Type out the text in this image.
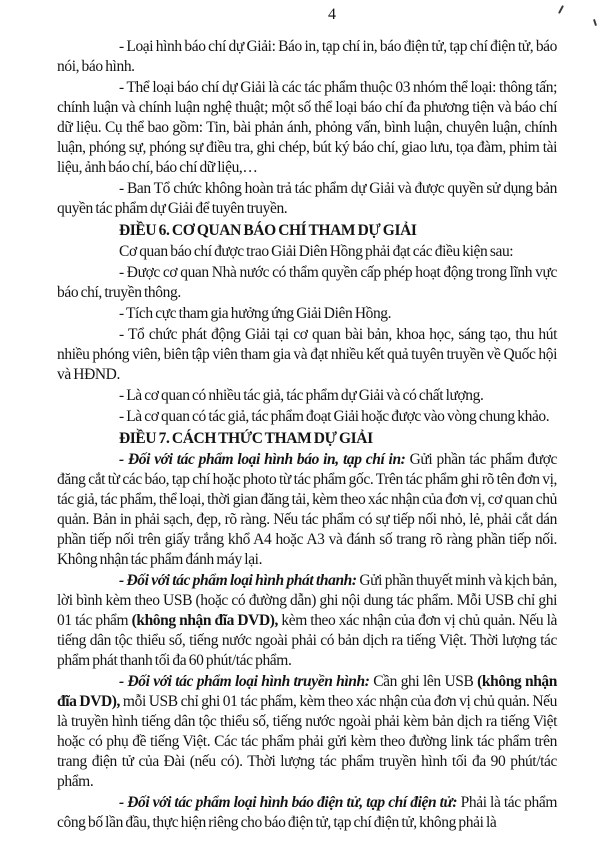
4

- Loại hình báo chí dự Giải: Báo in, tạp chí in, báo điện tử, tạp chí điện tử, báo nói, báo hình.

- Thể loại báo chí dự Giải là các tác phẩm thuộc 03 nhóm thể loại: thông tấn; chính luận và chính luận nghệ thuật; một số thể loại báo chí đa phương tiện và báo chí dữ liệu. Cụ thể bao gồm: Tin, bài phản ánh, phỏng vấn, bình luận, chuyên luận, chính luận, phóng sự, phóng sự điều tra, ghi chép, bút ký báo chí, giao lưu, tọa đàm, phim tài liệu, ảnh báo chí, báo chí dữ liệu,…

- Ban Tổ chức không hoàn trả tác phẩm dự Giải và được quyền sử dụng bản quyền tác phẩm dự Giải để tuyên truyền.

ĐIỀU 6. CƠ QUAN BÁO CHÍ THAM DỰ GIẢI

Cơ quan báo chí được trao Giải Diên Hồng phải đạt các điều kiện sau:

- Được cơ quan Nhà nước có thẩm quyền cấp phép hoạt động trong lĩnh vực báo chí, truyền thông.

- Tích cực tham gia hưởng ứng Giải Diên Hồng.

- Tổ chức phát động Giải tại cơ quan bài bản, khoa học, sáng tạo, thu hút nhiều phóng viên, biên tập viên tham gia và đạt nhiều kết quả tuyên truyền về Quốc hội và HĐND.

- Là cơ quan có nhiều tác giả, tác phẩm dự Giải và có chất lượng.

- Là cơ quan có tác giả, tác phẩm đoạt Giải hoặc được vào vòng chung khảo.

ĐIỀU 7. CÁCH THỨC THAM DỰ GIẢI

- Đối với tác phẩm loại hình báo in, tạp chí in: Gửi phần tác phẩm được đăng cắt từ các báo, tạp chí hoặc photo từ tác phẩm gốc. Trên tác phẩm ghi rõ tên đơn vị, tác giả, tác phẩm, thể loại, thời gian đăng tải, kèm theo xác nhận của đơn vị, cơ quan chủ quản. Bản in phải sạch, đẹp, rõ ràng. Nếu tác phẩm có sự tiếp nối nhỏ, lẻ, phải cắt dán phần tiếp nối trên giấy trắng khổ A4 hoặc A3 và đánh số trang rõ ràng phần tiếp nối. Không nhận tác phẩm đánh máy lại.

- Đối với tác phẩm loại hình phát thanh: Gửi phần thuyết minh và kịch bản, lời bình kèm theo USB (hoặc có đường dẫn) ghi nội dung tác phẩm. Mỗi USB chỉ ghi 01 tác phẩm (không nhận đĩa DVD), kèm theo xác nhận của đơn vị chủ quản. Nếu là tiếng dân tộc thiểu số, tiếng nước ngoài phải có bản dịch ra tiếng Việt. Thời lượng tác phẩm phát thanh tối đa 60 phút/tác phẩm.

- Đối với tác phẩm loại hình truyền hình: Cần ghi lên USB (không nhận đĩa DVD), mỗi USB chỉ ghi 01 tác phẩm, kèm theo xác nhận của đơn vị chủ quản. Nếu là truyền hình tiếng dân tộc thiểu số, tiếng nước ngoài phải kèm bản dịch ra tiếng Việt hoặc có phụ đề tiếng Việt. Các tác phẩm phải gửi kèm theo đường link tác phẩm trên trang điện tử của Đài (nếu có). Thời lượng tác phẩm truyền hình tối đa 90 phút/tác phẩm.

- Đối với tác phẩm loại hình báo điện tử, tạp chí điện tử: Phải là tác phẩm công bố lần đầu, thực hiện riêng cho báo điện tử, tạp chí điện tử, không phải là
